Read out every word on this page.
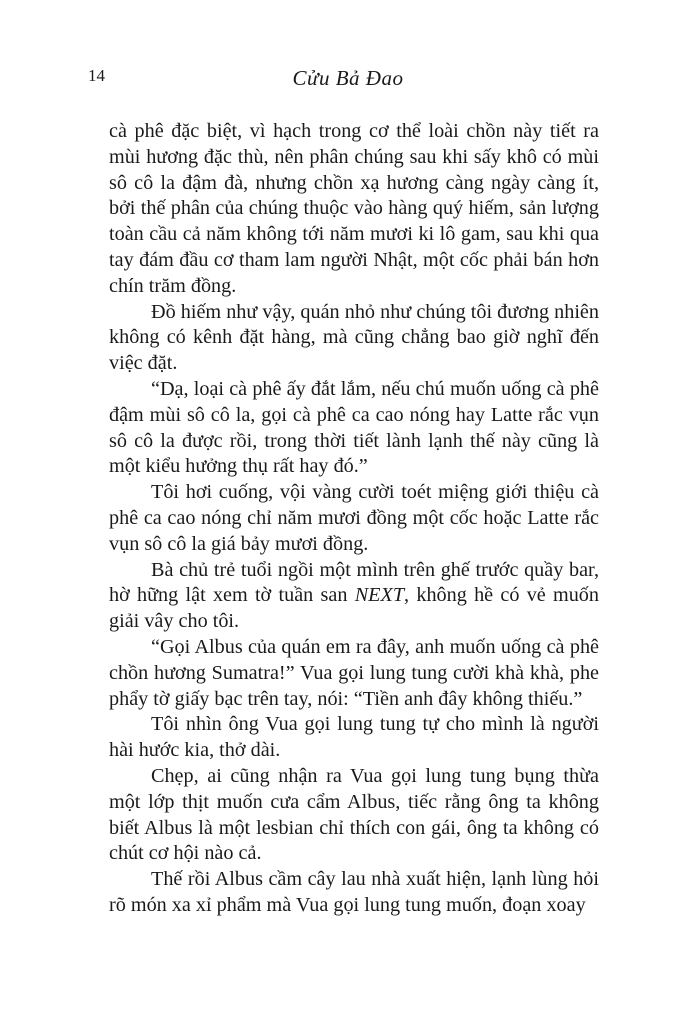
14	Cửu Bả Đao

cà phê đặc biệt, vì hạch trong cơ thể loài chồn này tiết ra mùi hương đặc thù, nên phân chúng sau khi sấy khô có mùi sô cô la đậm đà, nhưng chồn xạ hương càng ngày càng ít, bởi thế phân của chúng thuộc vào hàng quý hiếm, sản lượng toàn cầu cả năm không tới năm mươi ki lô gam, sau khi qua tay đám đầu cơ tham lam người Nhật, một cốc phải bán hơn chín trăm đồng.

Đồ hiếm như vậy, quán nhỏ như chúng tôi đương nhiên không có kênh đặt hàng, mà cũng chẳng bao giờ nghĩ đến việc đặt.

“Dạ, loại cà phê ấy đắt lắm, nếu chú muốn uống cà phê đậm mùi sô cô la, gọi cà phê ca cao nóng hay Latte rắc vụn sô cô la được rồi, trong thời tiết lành lạnh thế này cũng là một kiểu hưởng thụ rất hay đó.”

Tôi hơi cuống, vội vàng cười toét miệng giới thiệu cà phê ca cao nóng chỉ năm mươi đồng một cốc hoặc Latte rắc vụn sô cô la giá bảy mươi đồng.

Bà chủ trẻ tuổi ngồi một mình trên ghế trước quầy bar, hờ hững lật xem tờ tuần san NEXT, không hề có vẻ muốn giải vây cho tôi.

“Gọi Albus của quán em ra đây, anh muốn uống cà phê chồn hương Sumatra!” Vua gọi lung tung cười khà khà, phe phẩy tờ giấy bạc trên tay, nói: “Tiền anh đây không thiếu.”

Tôi nhìn ông Vua gọi lung tung tự cho mình là người hài hước kia, thở dài.

Chẹp, ai cũng nhận ra Vua gọi lung tung bụng thừa một lớp thịt muốn cưa cẩm Albus, tiếc rằng ông ta không biết Albus là một lesbian chỉ thích con gái, ông ta không có chút cơ hội nào cả.

Thế rồi Albus cầm cây lau nhà xuất hiện, lạnh lùng hỏi rõ món xa xỉ phẩm mà Vua gọi lung tung muốn, đoạn xoay
